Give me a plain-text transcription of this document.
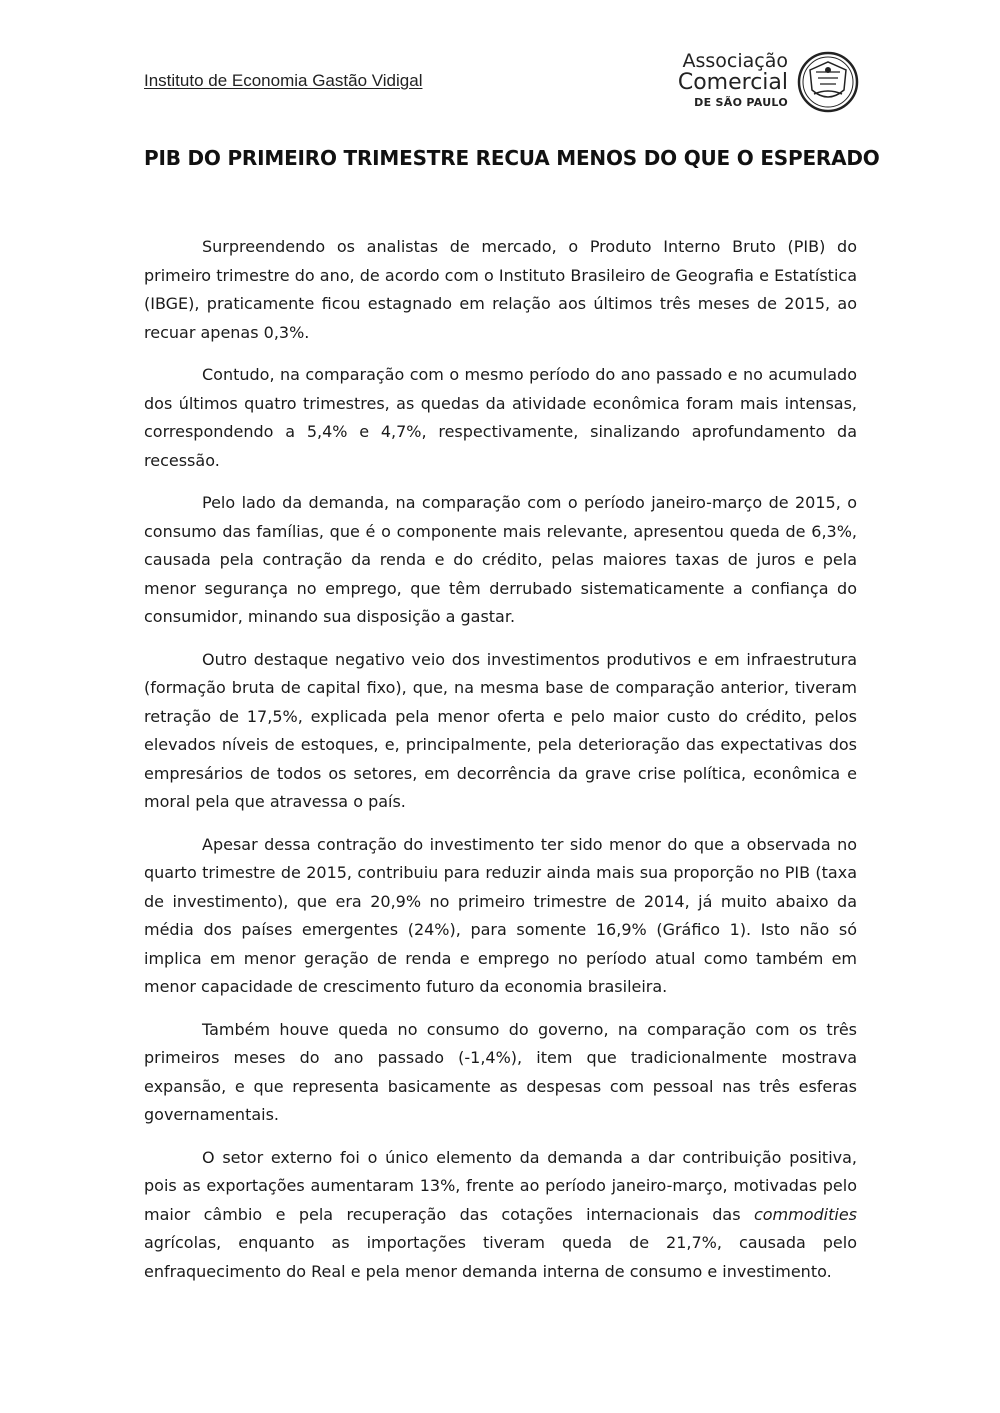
Instituto de Economia Gastão Vidigal
Associação
Comercial
DE SÃO PAULO
PIB DO PRIMEIRO TRIMESTRE RECUA MENOS DO QUE O ESPERADO

Surpreendendo os analistas de mercado, o Produto Interno Bruto (PIB) do primeiro trimestre do ano, de acordo com o Instituto Brasileiro de Geografia e Estatística (IBGE), praticamente ficou estagnado em relação aos últimos três meses de 2015, ao recuar apenas 0,3%.

Contudo, na comparação com o mesmo período do ano passado e no acumulado dos últimos quatro trimestres, as quedas da atividade econômica foram mais intensas, correspondendo a 5,4% e 4,7%, respectivamente, sinalizando aprofundamento da recessão.

Pelo lado da demanda, na comparação com o período janeiro-março de 2015, o consumo das famílias, que é o componente mais relevante, apresentou queda de 6,3%, causada pela contração da renda e do crédito, pelas maiores taxas de juros e pela menor segurança no emprego, que têm derrubado sistematicamente a confiança do consumidor, minando sua disposição a gastar.

Outro destaque negativo veio dos investimentos produtivos e em infraestrutura (formação bruta de capital fixo), que, na mesma base de comparação anterior, tiveram retração de 17,5%, explicada pela menor oferta e pelo maior custo do crédito, pelos elevados níveis de estoques, e, principalmente, pela deterioração das expectativas dos empresários de todos os setores, em decorrência da grave crise política, econômica e moral pela que atravessa o país.

Apesar dessa contração do investimento ter sido menor do que a observada no quarto trimestre de 2015, contribuiu para reduzir ainda mais sua proporção no PIB (taxa de investimento), que era 20,9% no primeiro trimestre de 2014, já muito abaixo da média dos países emergentes (24%), para somente 16,9% (Gráfico 1). Isto não só implica em menor geração de renda e emprego no período atual como também em menor capacidade de crescimento futuro da economia brasileira.

Também houve queda no consumo do governo, na comparação com os três primeiros meses do ano passado (-1,4%), item que tradicionalmente mostrava expansão, e que representa basicamente as despesas com pessoal nas três esferas governamentais.

O setor externo foi o único elemento da demanda a dar contribuição positiva, pois as exportações aumentaram 13%, frente ao período janeiro-março, motivadas pelo maior câmbio e pela recuperação das cotações internacionais das commodities agrícolas, enquanto as importações tiveram queda de 21,7%, causada pelo enfraquecimento do Real e pela menor demanda interna de consumo e investimento.
